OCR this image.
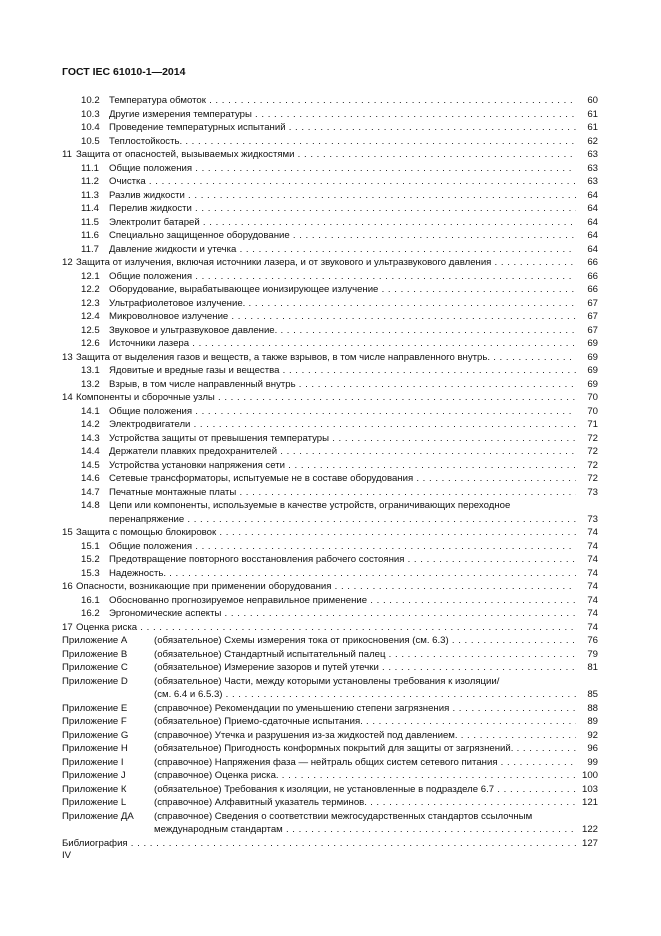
ГОСТ IEC 61010-1—2014
10.2 Температура обмоток . . .	60
10.3 Другие измерения температуры . . .	61
10.4 Проведение температурных испытаний . . .	61
10.5 Теплостойкость. . . .	62
11 Защита от опасностей, вызываемых жидкостями . . .	63
11.1 Общие положения . . .	63
11.2 Очистка . . .	63
11.3 Разлив жидкости . . .	64
11.4 Перелив жидкости . . .	64
11.5 Электролит батарей . . .	64
11.6 Специально защищенное оборудование . . .	64
11.7 Давление жидкости и утечка . . .	64
12 Защита от излучения, включая источники лазера, и от звукового и ультразвукового давления . . .	66
12.1 Общие положения . . .	66
12.2 Оборудование, вырабатывающее ионизирующее излучение . . .	66
12.3 Ультрафиолетовое излучение. . . .	67
12.4 Микроволновое излучение . . .	67
12.5 Звуковое и ультразвуковое давление. . . .	67
12.6 Источники лазера . . .	69
13 Защита от выделения газов и веществ, а также взрывов, в том числе направленного внутрь. . . .	69
13.1 Ядовитые и вредные газы и вещества . . .	69
13.2 Взрыв, в том числе направленный внутрь . . .	69
14 Компоненты и сборочные узлы . . .	70
14.1 Общие положения . . .	70
14.2 Электродвигатели . . .	71
14.3 Устройства защиты от превышения температуры . . .	72
14.4 Держатели плавких предохранителей . . .	72
14.5 Устройства установки напряжения сети . . .	72
14.6 Сетевые трансформаторы, испытуемые не в составе оборудования . . .	72
14.7 Печатные монтажные платы . . .	73
14.8 Цепи или компоненты, используемые в качестве устройств, ограничивающих переходное
перенапряжение . . .	73
15 Защита с помощью блокировок . . .	74
15.1 Общие положения . . .	74
15.2 Предотвращение повторного восстановления рабочего состояния . . .	74
15.3 Надежность. . . .	74
16 Опасности, возникающие при применении оборудования . . .	74
16.1 Обоснованно прогнозируемое неправильное применение . . .	74
16.2 Эргономические аспекты . . .	74
17 Оценка риска . . .	74
Приложение А	(обязательное) Схемы измерения тока от прикосновения (см. 6.3) . . .	76
Приложение В	(обязательное) Стандартный испытательный палец . . .	79
Приложение С	(обязательное) Измерение зазоров и путей утечки . . .	81
Приложение D	(обязательное) Части, между которыми установлены требования к изоляции/
(см. 6.4 и 6.5.3) . . .	85
Приложение Е	(справочное) Рекомендации по уменьшению степени загрязнения . . .	88
Приложение F	(обязательное) Приемо-сдаточные испытания. . . .	89
Приложение G	(справочное) Утечка и разрушения из-за жидкостей под давлением. . . .	92
Приложение Н	(обязательное) Пригодность конформных покрытий для защиты от загрязнений. . . .	96
Приложение I	(справочное) Напряжения фаза — нейтраль общих систем сетевого питания . . .	99
Приложение J	(справочное) Оценка риска. . . .	100
Приложение К	(обязательное) Требования к изоляции, не установленные в подразделе 6.7 . . .	103
Приложение L	(справочное) Алфавитный указатель терминов. . . .	121
Приложение ДА (справочное) Сведения о соответствии межгосударственных стандартов ссылочным
международным стандартам . . .	122
Библиография . . .	127
IV
